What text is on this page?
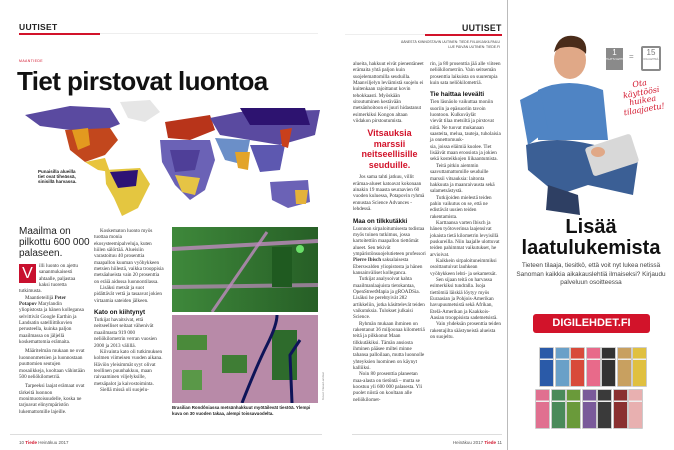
UUTISET
MAANTIEDE
Tiet pirstovat luontoa
Punaisilla alueilla tiet ovat tiheässä, sinisillä harvassa.
Maailma on pilkottu 600 000 palaseen.
V	illi luonto on ajettu sananmukaisesti ahtaalle, paljastaa kaksi tuoretta tutkimusta.

Maantieteilijä Peter Potapov Marylandin yliopistosta ja hänen kollegansa selvittivät Google Earthin ja Landsatin satelliittikuvien perusteella, kuinka paljon maailmassa on jäljellä koskemattomia erämaita.

Määritelmän mukaan ne ovat luonnonmetsien ja luonnostaan puuttomien seutujen mosaiikkeja, kooltaan vähintään 500 neliökilometriä.

Tarpeeksi laajat erämaat ovat tärkeitä luonnon monimuotoisuudelle, koska ne tarjoavat elinympäristön lukemattomille lajeille.

Koskematon luonto myös tuottaa monia ekosysteemipalveluja, kuten hiilen sälörtää. Alueisiin varastoituu 40 prosenttia maapallon kuuman vyöhykkeen metsien hiilestä, vaikka trooppisia metsäalueista vain 20 prosenttia on eräiä aidossa luonnontilassa.

Lisäksi metsät ja suot pidättävät vettä ja tasaavat jokien virtaamia sateiden jälkeen.

Kato on kiihtynyt

Tutkijat havaitsivat, että neitseelliset seitaat vähenivät maailmasta 919 000 neliökilometrin verran vuosien 2000 ja 2013 välillä.

Kiivainta kato oli tutkimuksen kolmen viimeisen vuoden aikana. Häviön yleisimmät syyt olivat teollinen puunhakkuu, maan raivaaminen viljelyksille, metsäpalot ja kaivostoiminta.

Siellä missä oli suojelu-

Brasilian Rondôniassa metsänhakkuut myötäilevät tiestöä. Ylempi kuva on 30 vuoden takaa, alempi toissavuodelta.
Kuvat: Nasa/Landsat
10 Tiede Heinäkuu 2017
UUTISET
ÄÄNESTÄ KIINNOSTAVIN UUTINEN: TIEDE.FI/LUKIJAKILPAILU
LUE PÄIVÄN UUTINEN: TIEDE.FI

alueita, hakkuut eivät pienentäneet erämaita yhtä paljon kuin suojelemattomilla seuduilla. Maanviljelyn leviämistä suojelu ei kuitenkaan rajoittanut kovin tehokkaasti. Myöskään sitoutuminen kestävään metsänhoitoon ei juuri hidastanut esimerkiksi Kongon altaan viidakon pirstoutumista.

Vitsauksia marssii neitseellisille seuduille.

Jos sama tahti jatkuu, villit erämaa-alueet katoavat kokonaan ainakin 19 maasta seuraavien 60 vuoden kuluessa, Potapovin ryhmä ennustaa Science Advances -lehdessä.

Maa on tilkkutäkki

Luonnon sirpaloitumisesta todistaa myös toinen tutkimus, jossa kartoitettiin maapallon tiettömät alueet. Sen tekivät ympäristönsuojelutieteen professori Pierre Ibisch saksalaisesta Eberswalden yliopistosta ja hänen kansainväliset kolleganса.

Tutkijat analysoivat kahta maailmanlaajuista tietokantaa, OpenStreetMapia ja gROADSia. Lisäksi he perehtyivät 282 artikkeliin, jotka käsittelevät teiden vaikutuksia. Tulokset julkaisi Science.

Ryhmän mukaan ihminen on rakentanut 36 miljoonaa kilometriä teitä ja pilkkonut Maan tilkkutäkiksi. Tämän ansiosta ihminen pääsee miltei minne tahansa palloilaan, mutta luonnolle yhteyksien luominen on käynyt kalliiksi.

Noin 80 prosenttia planeetan maa-alasta on tietöntä – mutta se koostuu yli 600 000 palasesta. Yli puolet niistä on kooltaan alle neliökilomet-

rin, ja 80 prosenttia jää alle viiteen neliökilometriin. Vain seitsemän prosenttia laikuista on suurempia kuin sata neliökilometriä.

Tie haittaa leveälti

Tien läsnäolo vaikuttaa moniin suoriin ja epäsuoriin tavoin luontoon. Kulkuväylät

vievät tilaa metsiltä ja pirstovat niitä. Ne tuovat mukanaan saasteita, melua, tauteja, tuholaisia ja onnettomuuk-

sia, joissa eläimiä kuolee. Tiet lisäävät maan eroosiota ja jokien sekä kosteikkojen liikaantumista.

Teitä pitkin aiemmin saavuttamattomille seuduille marssii vitsauksia: laitonta hakkuuta ja maanraivausta sekä salametsästystä.

Tutkijoiden mielestä teiden pahin vaikutus on se, että ne edistävät uusien teiden rakentamista.

Karttaansa varten Ibisch ja hänen työtoverinsa laajensivat jokaista tietä kilometrin levyisillä puskureilla. Niin laajalle ulottuvat teiden pahimmat vaikutukset, he arvioivat.

Kaikkein sirpaloituneimmiksi osoittautuivat lauhkean vyöhykkeen lehti- ja sekametsät.

Sen sijaan teitä on harvassa esimerkiksi tundralla. Isoja tiettömiä läiskiä löytyy myös Euraasian ja Pohjois-Amerikan havupuumetsistä sekä Afrikan, Etelä-Amerikan ja Kaakkois-Aasian trooppisista sademetsistä.

Vain yhdeksän prosenttia teiden rakentajilta säästyneistä alueista on suojeltu.

Heinäkuu 2017 Tiede 11
1
TILATTU LEHTI =	15
DIGI-LEHTEÄ
Ota käyttöösi huikea tilaajaetu!
Lisää laatulukemista
Tieteen tilaaja, tiesitkö, että voit nyt lukea netissä Sanoman kaikkia aikakauslehtiä ilmaiseksi? Kirjaudu palveluun osoitteessa
DIGILEHDET.FI
